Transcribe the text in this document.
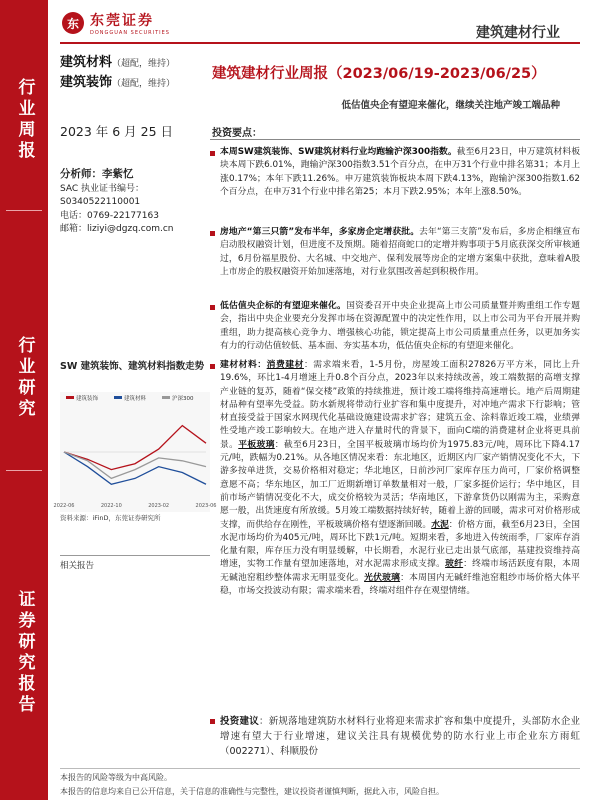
行业周报
行业研究
证券研究报告
东 东莞证券
DONGGUAN SECURITIES	建筑建材行业
建筑材料（超配，维持）
建筑装饰（超配，维持）
建筑建材行业周报（2023/06/19-2023/06/25）
低估值央企有望迎来催化，继续关注地产竣工端品种
2023 年 6 月 25 日
分析师：李紫忆
SAC 执业证书编号：
S0340522110001
电话：0769-22177163
邮箱：liziyi@dgzq.com.cn
SW 建筑装饰、建筑材料指数走势
建筑装饰	建筑材料	沪深300
2022-06	2022-10	2023-02	2023-06
资料来源：iFinD，东莞证券研究所
相关报告
投资要点：
本周SW建筑装饰、SW建筑材料行业均跑输沪深300指数。截至6月23日，申万建筑材料板块本周下跌6.01%，跑输沪深300指数3.51个百分点，在申万31个行业中排名第31；本月上涨0.17%；本年下跌11.26%。申万建筑装饰板块本周下跌4.13%，跑输沪深300指数1.62个百分点，在申万31个行业中排名第25；本月下跌2.95%；本年上涨8.50%。
房地产“第三只箭”发布半年，多家房企定增获批。去年“第三支箭”发布后，多房企相继宣布启动股权融资计划，但进度不及预期。随着招商蛇口的定增并购事项于5月底获深交所审核通过，6月份福星股份、大名城、中交地产、保利发展等房企的定增方案集中获批，意味着A股上市房企的股权融资开始加速落地，对行业氛围改善起到积极作用。
低估值央企标的有望迎来催化。国资委召开中央企业提高上市公司质量暨并购重组工作专题会，指出中央企业要充分发挥市场在资源配置中的决定性作用，以上市公司为平台开展并购重组，助力提高核心竞争力、增强核心功能，锁定提高上市公司质量重点任务，以更加务实有力的行动估值较低、基本面、夯实基本功，低估值央企标的有望迎来催化。
建材材料：消费建材：需求端来看，1-5月份，房屋竣工面积27826万平方米，同比上升19.6%，环比1-4月增速上升0.8个百分点，2023年以来持续改善，竣工端数据的高增支撑产业链的复苏，随着“保交楼”政策的持续推进，预计竣工端将维持高速增长。地产后周期建材品种有望率先受益。防水新规将带动行业扩容和集中度提升，对冲地产需求下行影响；管材直接受益于国家水网现代化基础设施建设需求扩容；建筑五金、涂料靠近竣工端，业绩弹性受地产竣工影响较大。在地产进入存量时代的背景下，面向C端的消费建材企业将更具前景。平板玻璃：截至6月23日，全国平板玻璃市场均价为1975.83元/吨，周环比下降4.17元/吨，跌幅为0.21%。从各地区情况来看：东北地区，近期区内厂家产销情况变化不大，下游多按单进货，交易价格相对稳定；华北地区，日前沙河厂家库存压力尚可，厂家价格调整意愿不高；华东地区，加工厂近期新增订单数量相对一般，厂家多挺价运行；华中地区，目前市场产销情况变化不大，成交价格较为灵活；华南地区，下游拿货仍以刚需为主，采购意愿一般，出货速度有所放缓。5月竣工端数据持续好转，随着上游的回暖，需求可对价格形成支撑，而供给存在刚性，平板玻璃价格有望逐渐回暖。水泥：价格方面，截至6月23日，全国水泥市场均价为405元/吨，周环比下跌1元/吨。短期来看，多地进入传统雨季，厂家库存消化量有限，库存压力没有明显缓解，中长期看，水泥行业已走出景气底部，基建投资维持高增速，实物工作量有望加速落地，对水泥需求形成支撑。玻纤：终端市场活跃度有限，本周无碱池窑粗纱整体需求无明显变化。光伏玻璃：本周国内无碱纤维池窑粗纱市场价格大体平稳，市场交投波动有限；需求端来看，终端对组件存在观望情绪。
投资建议：新规落地建筑防水材料行业将迎来需求扩容和集中度提升，头部防水企业增速有望大于行业增速，建议关注具有规模优势的防水行业上市企业东方雨虹（002271）、科顺股份
本报告的风险等级为中高风险。
本报告的信息均来自已公开信息，关于信息的准确性与完整性，建议投资者谨慎判断，据此入市，风险自担。
